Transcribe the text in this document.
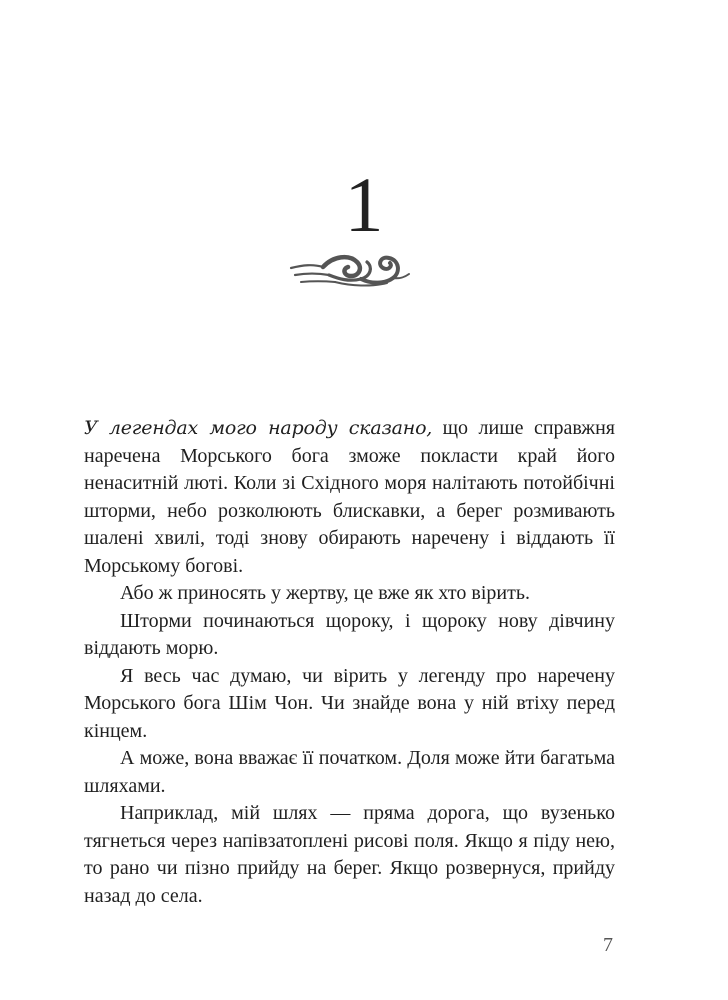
1

У легендах мого народу сказано, що лише справжня наречена Морського бога зможе покласти край його ненаситній люті. Коли зі Східного моря налітають потойбічні шторми, небо розколюють блискавки, а берег розмивають шалені хвилі, тоді знову обирають наречену і віддають її Морському богові.

Або ж приносять у жертву, це вже як хто вірить.

Шторми починаються щороку, і щороку нову дівчину віддають морю.

Я весь час думаю, чи вірить у легенду про наречену Морського бога Шім Чон. Чи знайде вона у ній втіху перед кінцем.

А може, вона вважає її початком. Доля може йти багатьма шляхами.

Наприклад, мій шлях — пряма дорога, що вузенько тягнеться через напівзатоплені рисові поля. Якщо я піду нею, то рано чи пізно прийду на берег. Якщо розвернуся, прийду назад до села.

7
